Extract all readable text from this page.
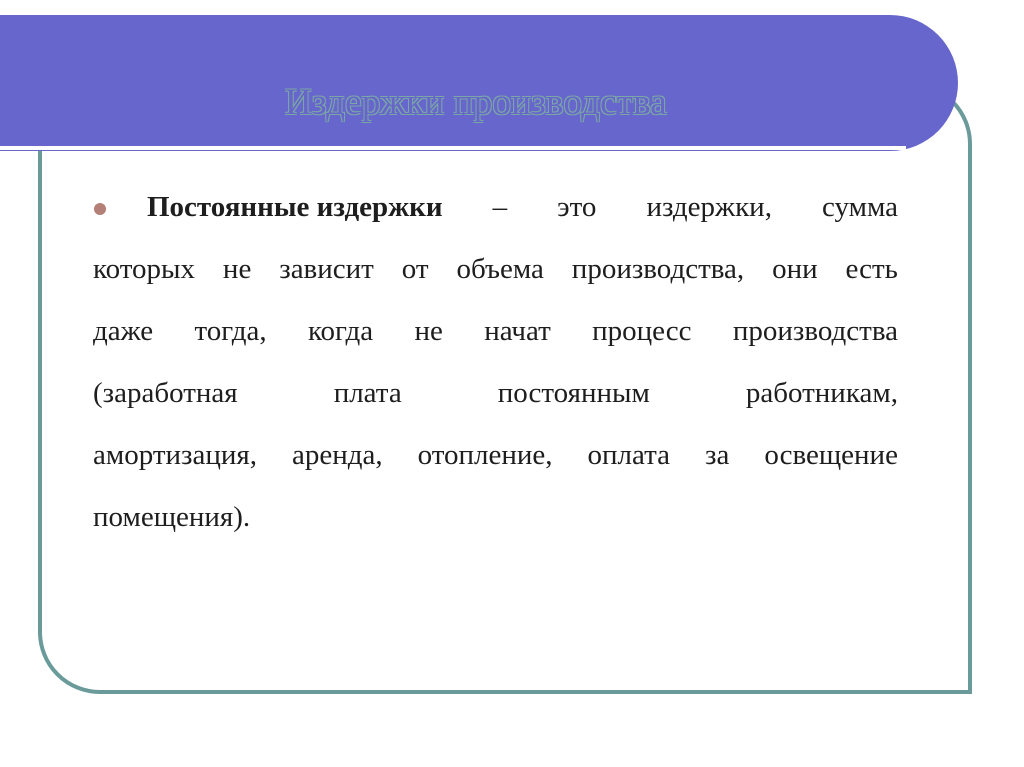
Издержки производства
Постоянные издержки – это издержки, сумма
которых не зависит от объема производства, они есть
даже тогда, когда не начат процесс производства
(заработная	плата	постоянным	работникам,
амортизация, аренда, отопление, оплата за освещение
помещения).
